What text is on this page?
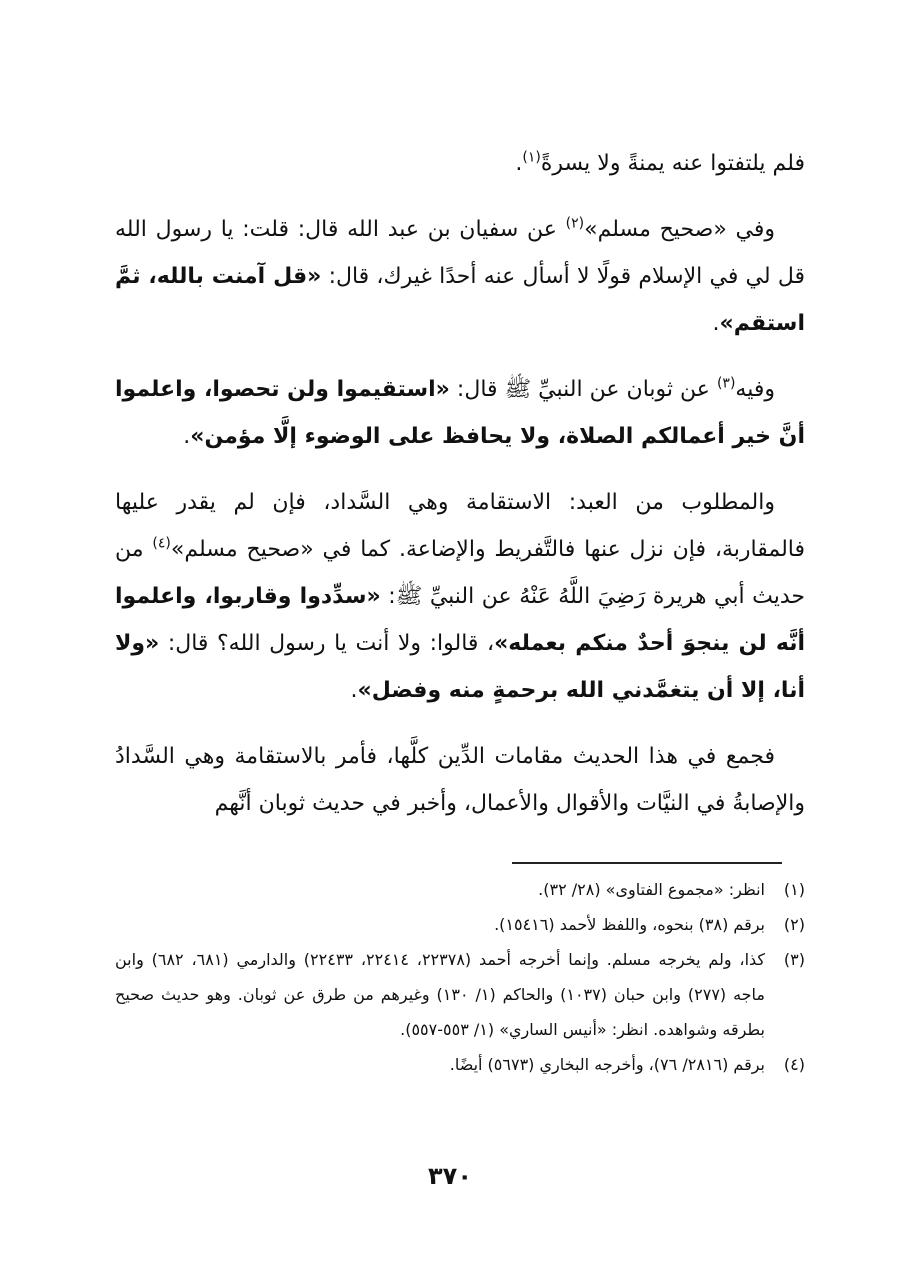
فلم يلتفتوا عنه يمنةً ولا يسرةً$^{(١)}$.

وفي «صحيح مسلم»$^{(٢)}$ عن سفيان بن عبد الله قال: قلت: يا رسول الله قل لي في الإسلام قولًا لا أسأل عنه أحدًا غيرك، قال: «قل آمنت بالله، ثمَّ استقم».

وفيه$^{(٣)}$ عن ثوبان عن النبيِّ ﷺ قال: «استقيموا ولن تحصوا، واعلموا أنَّ خير أعمالكم الصلاة، ولا يحافظ على الوضوء إلَّا مؤمن».

والمطلوب من العبد: الاستقامة وهي السَّداد، فإن لم يقدر عليها فالمقاربة، فإن نزل عنها فالتَّفريط والإضاعة. كما في «صحيح مسلم»$^{(٤)}$ من حديث أبي هريرة رَضِيَ اللَّهُ عَنْهُ عن النبيِّ ﷺ: «سدِّدوا وقاربوا، واعلموا أنَّه لن ينجوَ أحدٌ منكم بعمله»، قالوا: ولا أنت يا رسول الله؟ قال: «ولا أنا، إلا أن يتغمَّدني الله برحمةٍ منه وفضل».

فجمع في هذا الحديث مقامات الدِّين كلَّها، فأمر بالاستقامة وهي السَّدادُ والإصابةُ في النيَّات والأقوال والأعمال، وأخبر في حديث ثوبان أنَّهم

(١)
انظر: «مجموع الفتاوى» (٢٨/ ٣٢).
(٢)
برقم (٣٨) بنحوه، واللفظ لأحمد (١٥٤١٦).
(٣)
كذا، ولم يخرجه مسلم. وإنما أخرجه أحمد (٢٢٣٧٨، ٢٢٤١٤، ٢٢٤٣٣) والدارمي (٦٨١، ٦٨٢) وابن ماجه (٢٧٧) وابن حبان (١٠٣٧) والحاكم (١/ ١٣٠) وغيرهم من طرق عن ثوبان. وهو حديث صحيح بطرقه وشواهده. انظر: «أنيس الساري» (١/ ٥٥٣-٥٥٧).
(٤)
برقم (٢٨١٦/ ٧٦)، وأخرجه البخاري (٥٦٧٣) أيضًا.
٣٧٠
